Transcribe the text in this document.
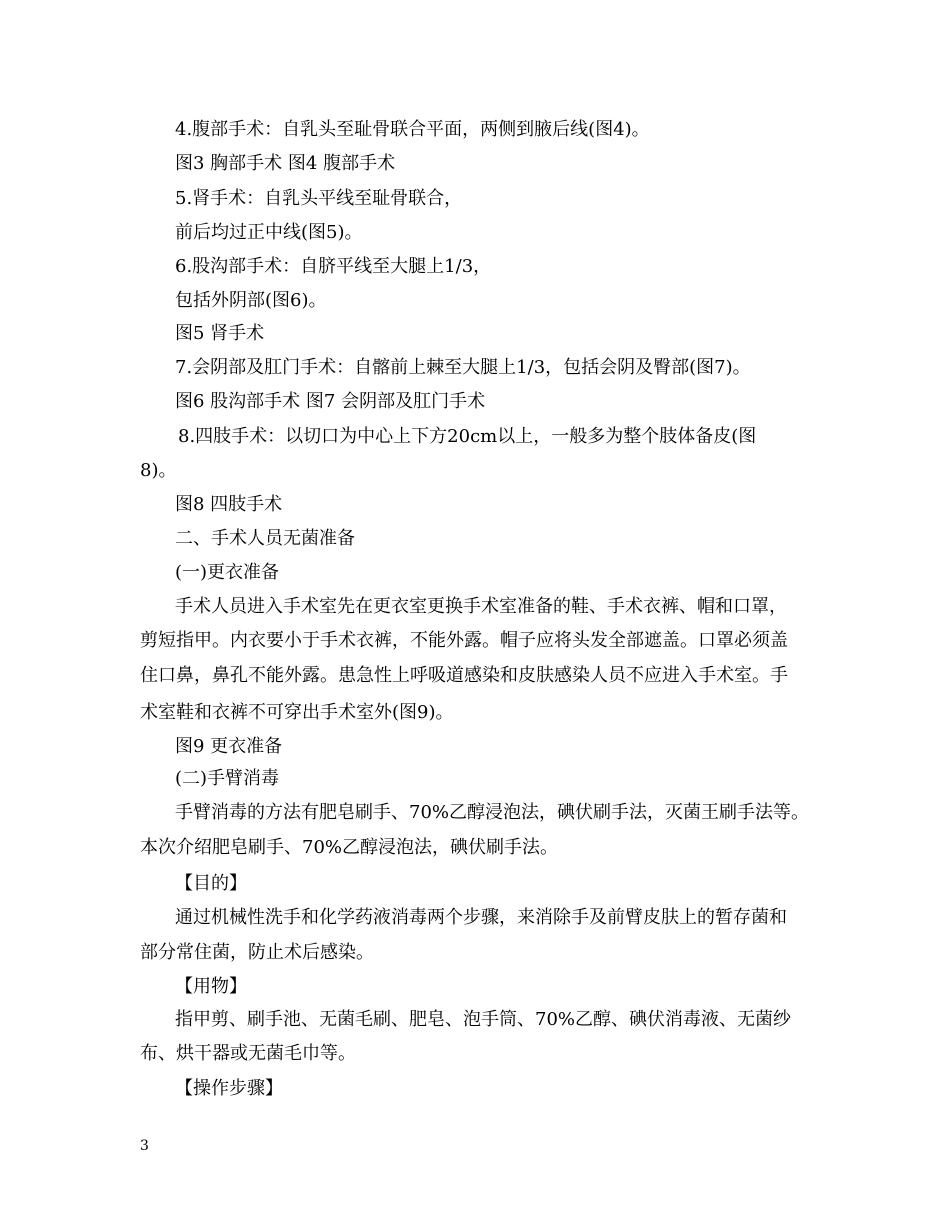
4.腹部手术：自乳头至耻骨联合平面，两侧到腋后线(图4)。
图3 胸部手术 图4 腹部手术
5.肾手术：自乳头平线至耻骨联合，
前后均过正中线(图5)。
6.股沟部手术：自脐平线至大腿上1/3，
包括外阴部(图6)。
图5 肾手术
7.会阴部及肛门手术：自髂前上棘至大腿上1/3，包括会阴及臀部(图7)。
图6 股沟部手术 图7 会阴部及肛门手术
8.四肢手术：以切口为中心上下方20cm以上，一般多为整个肢体备皮(图
8)。
图8 四肢手术
二、手术人员无菌准备
(一)更衣准备
手术人员进入手术室先在更衣室更换手术室准备的鞋、手术衣裤、帽和口罩，
剪短指甲。内衣要小于手术衣裤，不能外露。帽子应将头发全部遮盖。口罩必须盖
住口鼻，鼻孔不能外露。患急性上呼吸道感染和皮肤感染人员不应进入手术室。手
术室鞋和衣裤不可穿出手术室外(图9)。
图9 更衣准备
(二)手臂消毒
手臂消毒的方法有肥皂刷手、70%乙醇浸泡法，碘伏刷手法，灭菌王刷手法等。
本次介绍肥皂刷手、70%乙醇浸泡法，碘伏刷手法。
【目的】
通过机械性洗手和化学药液消毒两个步骤，来消除手及前臂皮肤上的暂存菌和
部分常住菌，防止术后感染。
【用物】
指甲剪、刷手池、无菌毛刷、肥皂、泡手筒、70%乙醇、碘伏消毒液、无菌纱
布、烘干器或无菌毛巾等。
【操作步骤】
3
